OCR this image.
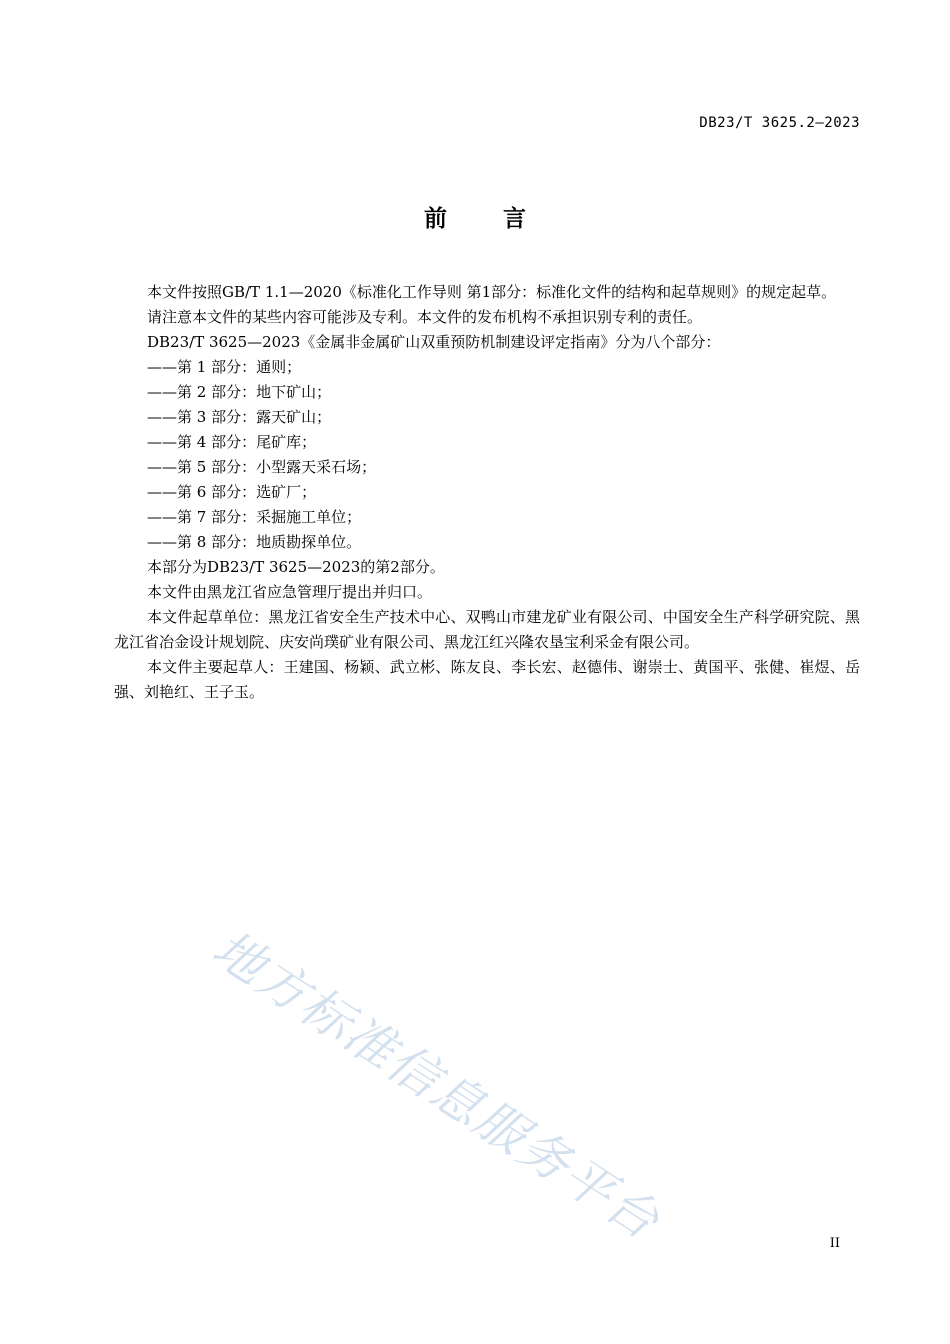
DB23/T 3625.2—2023
前 言

本文件按照GB/T 1.1—2020《标准化工作导则 第1部分：标准化文件的结构和起草规则》的规定起草。

请注意本文件的某些内容可能涉及专利。本文件的发布机构不承担识别专利的责任。

DB23/T 3625—2023《金属非金属矿山双重预防机制建设评定指南》分为八个部分：

——第 1 部分：通则；

——第 2 部分：地下矿山；

——第 3 部分：露天矿山；

——第 4 部分：尾矿库；

——第 5 部分：小型露天采石场；

——第 6 部分：选矿厂；

——第 7 部分：采掘施工单位；

——第 8 部分：地质勘探单位。

本部分为DB23/T 3625—2023的第2部分。

本文件由黑龙江省应急管理厅提出并归口。

本文件起草单位：黑龙江省安全生产技术中心、双鸭山市建龙矿业有限公司、中国安全生产科学研究院、黑龙江省冶金设计规划院、庆安尚璞矿业有限公司、黑龙江红兴隆农垦宝利采金有限公司。

本文件主要起草人：王建国、杨颖、武立彬、陈友良、李长宏、赵德伟、谢崇士、黄国平、张健、崔煜、岳强、刘艳红、王子玉。

地方标准信息服务平台	II
